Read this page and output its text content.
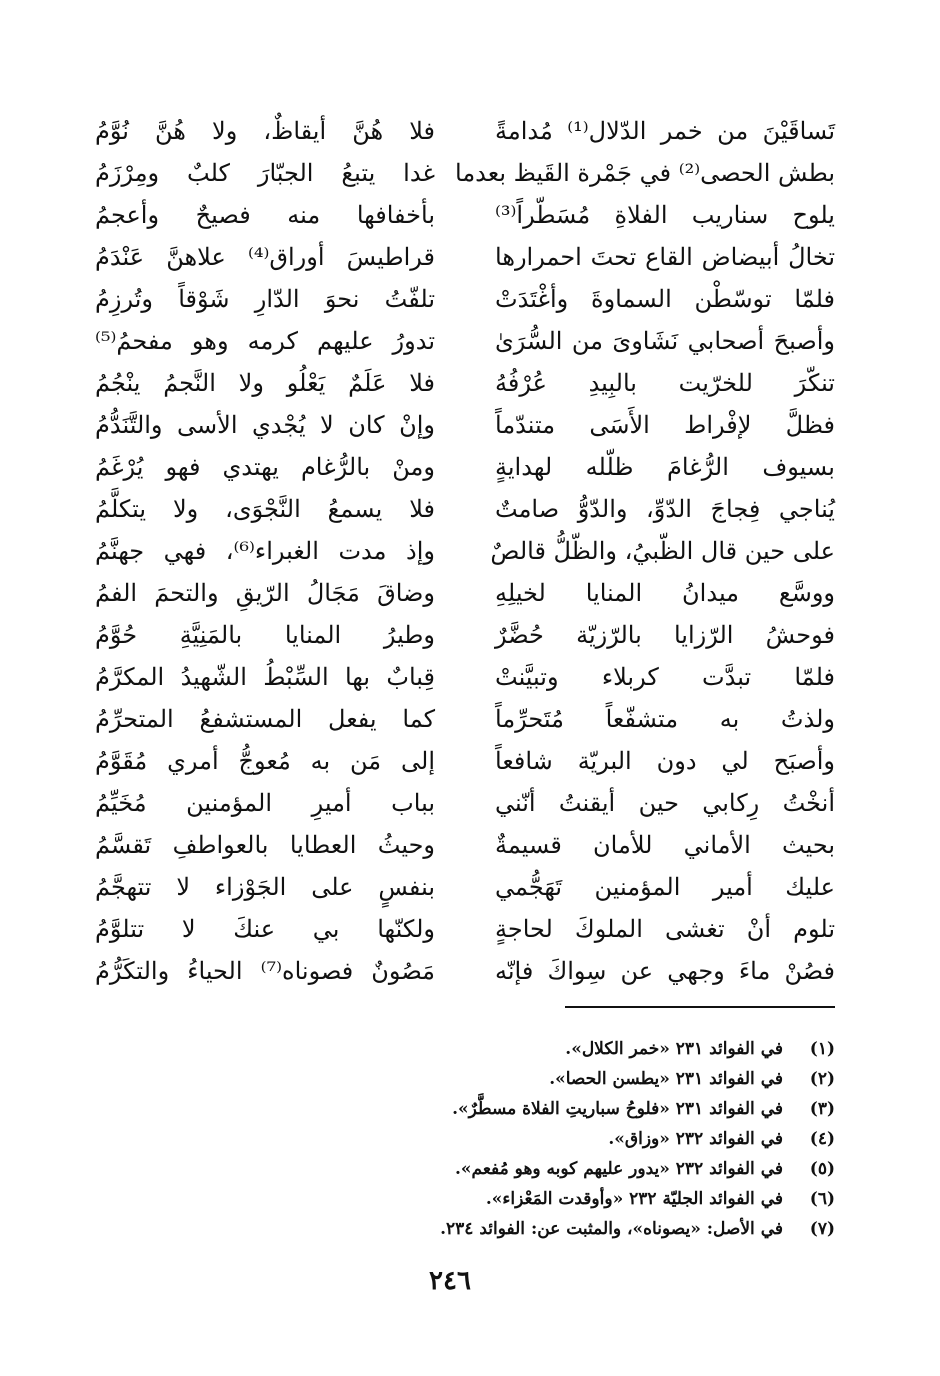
تَساقَيْنَ من خمر الدّلال⁽¹⁾ مُدامةً
فلا هُنَّ أيقاظٌ، ولا هُنَّ نُوَّمُ
بطش الحصى⁽²⁾ في جَمْرة القَيظ بعدما
غدا يتبعُ الجبّارَ كلبٌ ومِرْزَمُ
يلوح سناريب الفلاةِ مُسَطّراً⁽³⁾
بأخفافها منه فصيحٌ وأعجمُ
تخالُ أبيضاض القاع تحتَ احمرارها
قراطيسَ أوراق⁽⁴⁾ علاهنَّ عَنْدَمُ
فلمّا توسّطْن السماوةَ وأغْتَدَتْ
تلفّتُ نحوَ الدّارِ شَوْقاً وتُرزِمُ
وأصبحَ أصحابي نَشَاوىَ من السُّرَىٰ
تدورُ عليهم كرمه وهو مفحمُ⁽⁵⁾
تنكّرَ للخرّيت بالبِيدِ عُرْفُهُ
فلا عَلَمٌ يَعْلُو ولا النَّجمُ ينْجُمُ
فظلَّ لإفْراط الأَسَى متندّماً
وإنْ كان لا يُجْدي الأسى والتَّنَدُّمُ
بسيوف الرُّغامَ ظلّله لهدايةٍ
ومنْ بالرُّغام يهتدي فهو يُرْغَمُ
يُناجي فِجاجَ الدّوِّ، والدّوُّ صامتٌ
فلا يسمعُ النَّجْوَى، ولا يتكلَّمُ
على حين قال الظّبيُ، والظّلُّ قالصٌ
وإذ مدت الغبراء⁽⁶⁾، فهي جهنَّمُ
ووسَّع ميدانُ المنايا لخيلِهِ
وضاقَ مَجَالُ الرّيقِ والتحمَ الفمُ
فوحشُ الرّزايا بالرّزيّة حُضَّرٌ
وطيرُ المنايا بالمَنِيَّةِ حُوَّمُ
فلمّا تبدَّت كربلاء وتبيَّنتْ
قِبابٌ بها السِّبْطُ الشّهيدُ المكرَّمُ
ولذتُ به متشفّعاً مُتَحرِّماً
كما يفعل المستشفعُ المتحرِّمُ
وأصبَح لي دون البريّة شافعاً
إلى مَن به مُعوجُّ أمري مُقَوَّمُ
أنخْتُ رِكابي حين أيقنتُ أنّني
بباب أميرِ المؤمنين مُخَيِّمُ
بحيث الأماني للأمان قسيمةٌ
وحيثُ العطايا بالعواطفِ تَقسَّمُ
عليك أمير المؤمنين تَهَجُّمي
بنفسٍ على الجَوْزاء لا تتهجَّمُ
تلوم أنْ تغشى الملوكَ لحاجةٍ
ولكنّها بي عنكَ لا تتلوَّمُ
فصُنْ ماءَ وجهي عن سِواكَ فإنّه
مَصُونٌ فصوناه⁽⁷⁾ الحياءُ والتكَرُّمُ
(١)في الفوائد ٢٣١ «خمر الكلال».
(٢)في الفوائد ٢٣١ «يطسن الحصا».
(٣)في الفوائد ٢٣١ «فلوحُ سباريتِ الفلاة مسطَّرٌ».
(٤)في الفوائد ٢٣٢ «وزاق».
(٥)في الفوائد ٢٣٢ «يدور عليهم كوبه وهو مُفعم».
(٦)في الفوائد الجليّة ٢٣٢ «وأوقدت المَعْزاء».
(٧)في الأصل: «يصوناه»، والمثبت عن: الفوائد ٢٣٤.
٢٤٦
